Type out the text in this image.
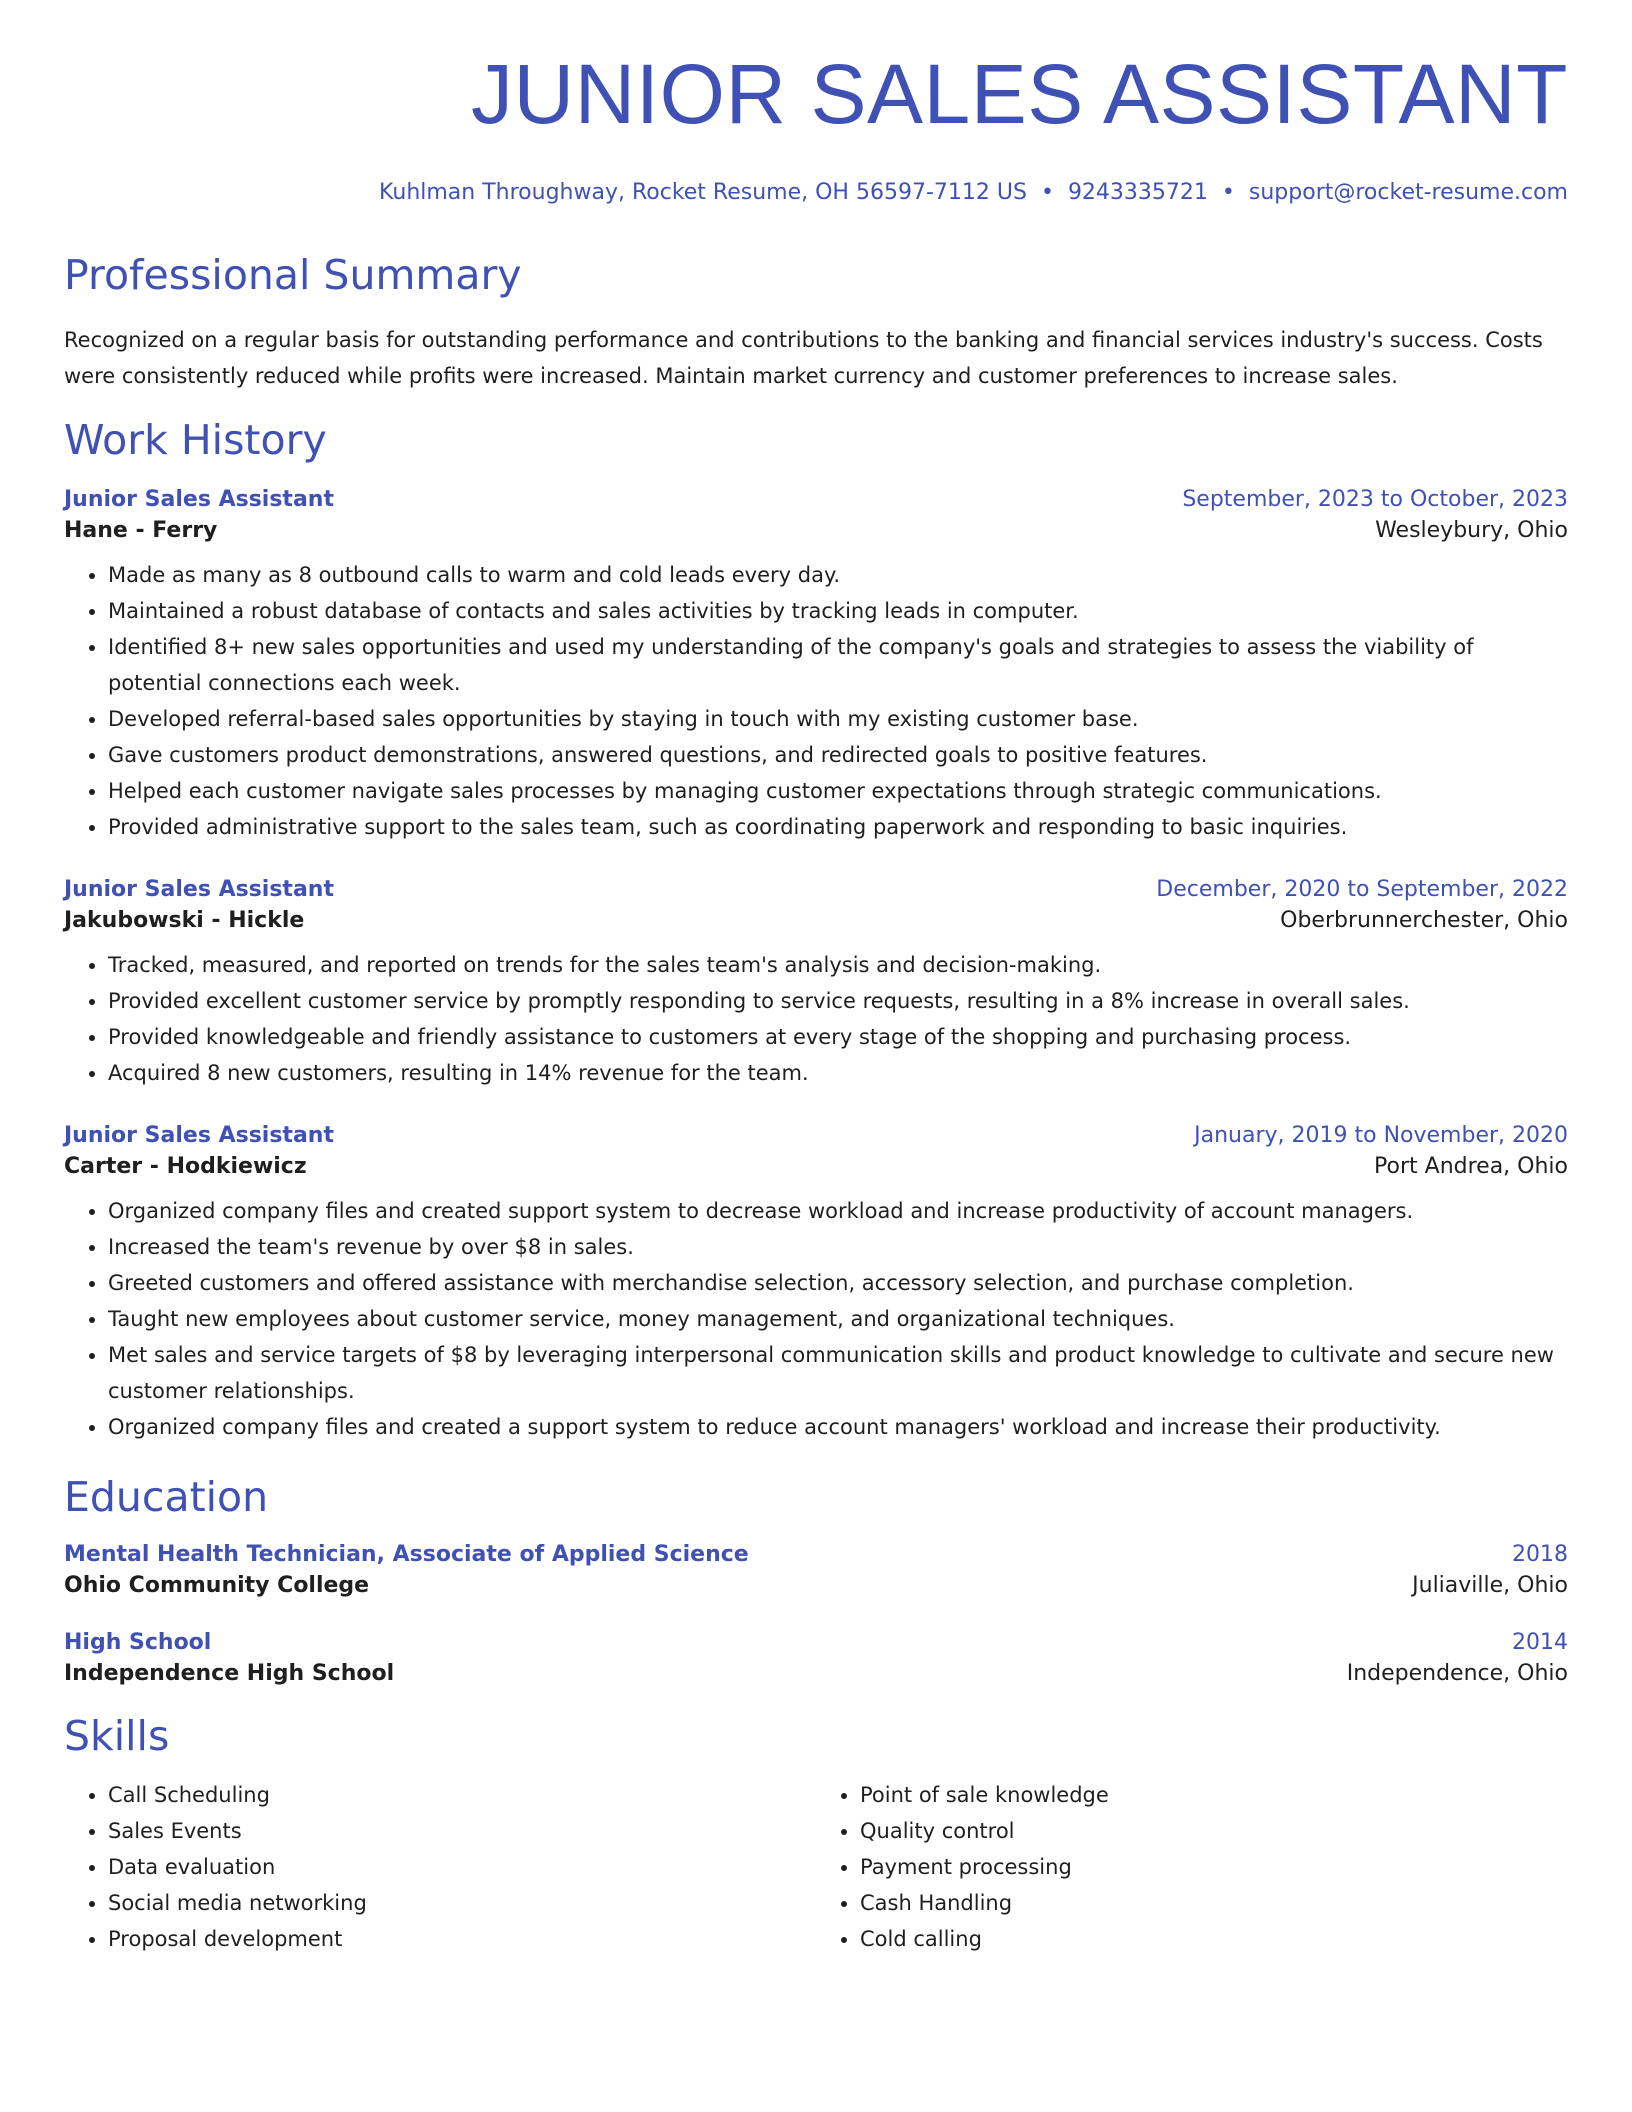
JUNIOR SALES ASSISTANT
Kuhlman Throughway, Rocket Resume, OH 56597-7112 US • 9243335721 • support@rocket-resume.com
Professional Summary
Recognized on a regular basis for outstanding performance and contributions to the banking and financial services industry's success. Costs were consistently reduced while profits were increased. Maintain market currency and customer preferences to increase sales.
Work History
Junior Sales Assistant	September, 2023 to October, 2023
Hane - Ferry	Wesleybury, Ohio
• Made as many as 8 outbound calls to warm and cold leads every day.
• Maintained a robust database of contacts and sales activities by tracking leads in computer.
• Identified 8+ new sales opportunities and used my understanding of the company's goals and strategies to assess the viability of potential connections each week.
• Developed referral-based sales opportunities by staying in touch with my existing customer base.
• Gave customers product demonstrations, answered questions, and redirected goals to positive features.
• Helped each customer navigate sales processes by managing customer expectations through strategic communications.
• Provided administrative support to the sales team, such as coordinating paperwork and responding to basic inquiries.
Junior Sales Assistant	December, 2020 to September, 2022
Jakubowski - Hickle	Oberbrunnerchester, Ohio
• Tracked, measured, and reported on trends for the sales team's analysis and decision-making.
• Provided excellent customer service by promptly responding to service requests, resulting in a 8% increase in overall sales.
• Provided knowledgeable and friendly assistance to customers at every stage of the shopping and purchasing process.
• Acquired 8 new customers, resulting in 14% revenue for the team.
Junior Sales Assistant	January, 2019 to November, 2020
Carter - Hodkiewicz	Port Andrea, Ohio
• Organized company files and created support system to decrease workload and increase productivity of account managers.
• Increased the team's revenue by over $8 in sales.
• Greeted customers and offered assistance with merchandise selection, accessory selection, and purchase completion.
• Taught new employees about customer service, money management, and organizational techniques.
• Met sales and service targets of $8 by leveraging interpersonal communication skills and product knowledge to cultivate and secure new customer relationships.
• Organized company files and created a support system to reduce account managers' workload and increase their productivity.
Education
Mental Health Technician, Associate of Applied Science	2018
Ohio Community College	Juliaville, Ohio
High School	2014
Independence High School	Independence, Ohio
Skills
• Call Scheduling
• Sales Events
• Data evaluation
• Social media networking
• Proposal development
• Point of sale knowledge
• Quality control
• Payment processing
• Cash Handling
• Cold calling
